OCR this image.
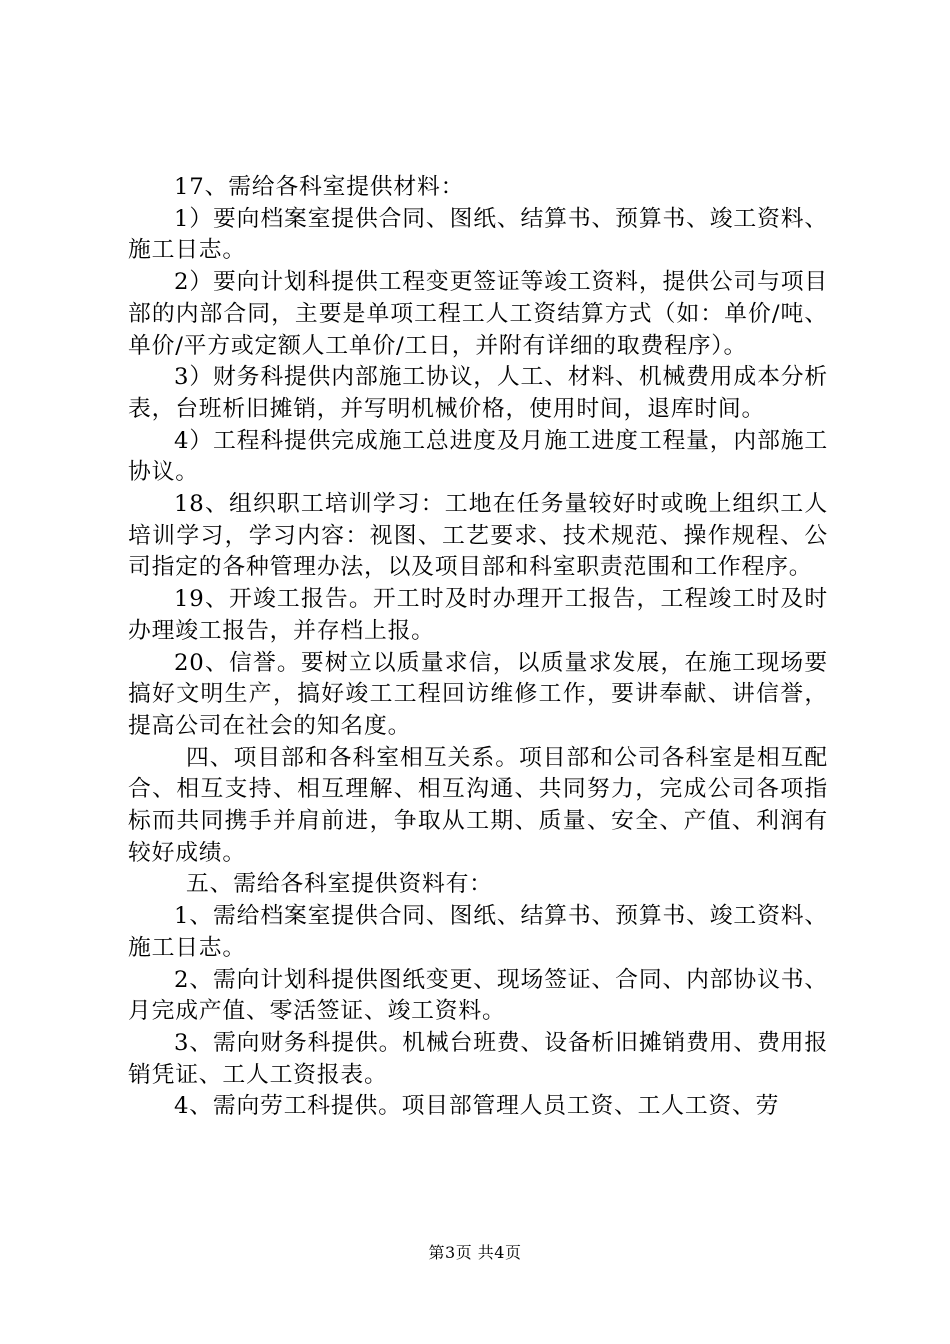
17、需给各科室提供材料：

1）要向档案室提供合同、图纸、结算书、预算书、竣工资料、施工日志。

2）要向计划科提供工程变更签证等竣工资料，提供公司与项目部的内部合同，主要是单项工程工人工资结算方式（如：单价/吨、单价/平方或定额人工单价/工日，并附有详细的取费程序）。

3）财务科提供内部施工协议，人工、材料、机械费用成本分析表，台班析旧摊销，并写明机械价格，使用时间，退库时间。

4）工程科提供完成施工总进度及月施工进度工程量，内部施工协议。

18、组织职工培训学习：工地在任务量较好时或晚上组织工人培训学习，学习内容：视图、工艺要求、技术规范、操作规程、公司指定的各种管理办法，以及项目部和科室职责范围和工作程序。

19、开竣工报告。开工时及时办理开工报告，工程竣工时及时办理竣工报告，并存档上报。

20、信誉。要树立以质量求信，以质量求发展，在施工现场要搞好文明生产，搞好竣工工程回访维修工作，要讲奉献、讲信誉，提高公司在社会的知名度。

四、项目部和各科室相互关系。项目部和公司各科室是相互配合、相互支持、相互理解、相互沟通、共同努力，完成公司各项指标而共同携手并肩前进，争取从工期、质量、安全、产值、利润有较好成绩。

五、需给各科室提供资料有：

1、需给档案室提供合同、图纸、结算书、预算书、竣工资料、施工日志。

2、需向计划科提供图纸变更、现场签证、合同、内部协议书、月完成产值、零活签证、竣工资料。

3、需向财务科提供。机械台班费、设备析旧摊销费用、费用报销凭证、工人工资报表。

4、需向劳工科提供。项目部管理人员工资、工人工资、劳

第3页 共4页
